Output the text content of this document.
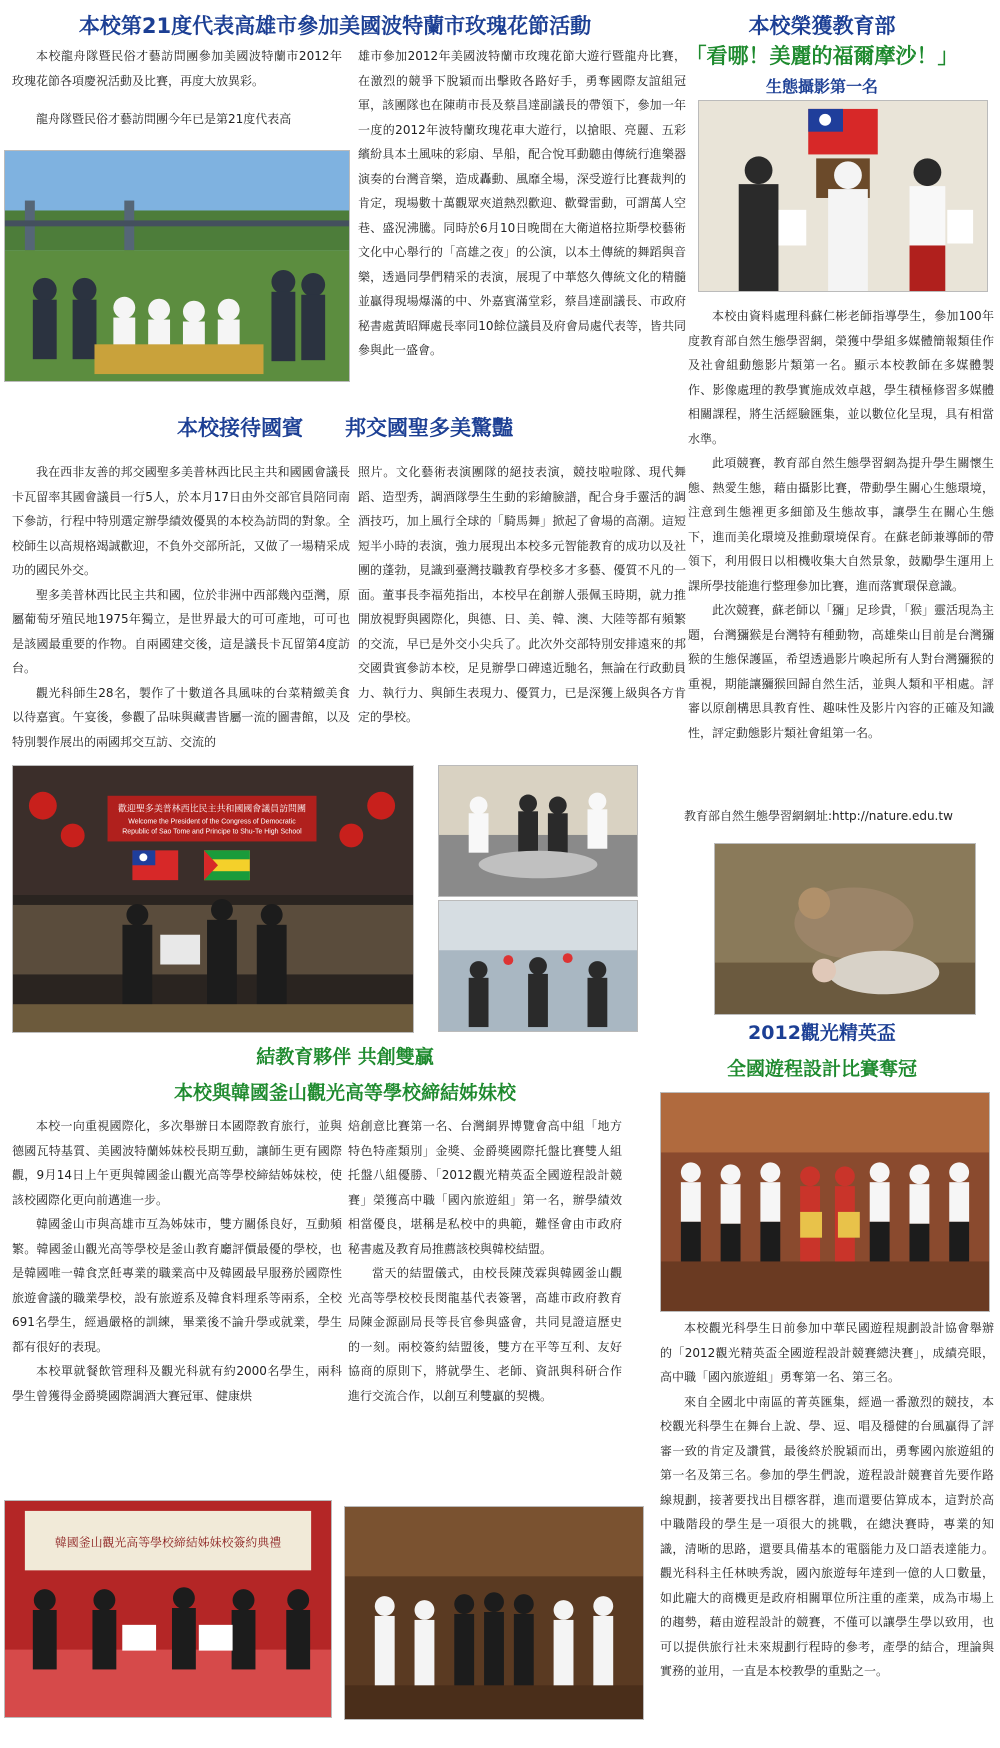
本校第21度代表高雄市參加美國波特蘭市玫瑰花節活動

本校龍舟隊暨民俗才藝訪問團參加美國波特蘭市2012年玫瑰花節各項慶祝活動及比賽，再度大放異彩。

龍舟隊暨民俗才藝訪問團今年已是第21度代表高

雄市參加2012年美國波特蘭市玫瑰花節大遊行暨龍舟比賽，在激烈的競爭下脫穎而出擊敗各路好手，勇奪國際友誼組冠軍，該團隊也在陳萌市長及蔡昌達副議長的帶領下，參加一年一度的2012年波特蘭玫瑰花車大遊行，以搶眼、亮麗、五彩繽紛具本土風味的彩扇、旱船，配合悅耳動聽由傳統行進樂器演奏的台灣音樂，造成轟動、風靡全場，深受遊行比賽裁判的肯定，現場數十萬觀眾夾道熱烈歡迎、歡聲雷動，可謂萬人空巷、盛況沸騰。同時於6月10日晚間在大衛道格拉斯學校藝術文化中心舉行的「高雄之夜」的公演，以本土傳統的舞蹈與音樂，透過同學們精采的表演，展現了中華悠久傳統文化的精髓並贏得現場爆滿的中、外嘉賓滿堂彩，蔡昌達副議長、市政府秘書處黃昭輝處長率同10餘位議員及府會局處代表等，皆共同參與此一盛會。

本校接待國賓　　邦交國聖多美驚豔

我在西非友善的邦交國聖多美普林西比民主共和國國會議長卡瓦留率其國會議員一行5人，於本月17日由外交部官員陪同南下參訪，行程中特別選定辦學績效優異的本校為訪問的對象。全校師生以高規格竭誠歡迎，不負外交部所託，又做了一場精采成功的國民外交。

聖多美普林西比民主共和國，位於非洲中西部幾內亞灣，原屬葡萄牙殖民地1975年獨立，是世界最大的可可產地，可可也是該國最重要的作物。自兩國建交後，這是議長卡瓦留第4度訪台。

觀光科師生28名，製作了十數道各具風味的台菜精緻美食以待嘉賓。午宴後，參觀了品味與藏書皆屬一流的圖書館，以及特別製作展出的兩國邦交互訪、交流的

照片。文化藝術表演團隊的絕技表演，競技啦啦隊、現代舞蹈、造型秀，調酒隊學生生動的彩繪臉譜，配合身手靈活的調酒技巧，加上風行全球的「騎馬舞」掀起了會場的高潮。這短短半小時的表演，強力展現出本校多元智能教育的成功以及社團的蓬勃，見識到臺灣技職教育學校多才多藝、優質不凡的一面。董事長李福苑指出，本校早在創辦人張佩玉時期，就力推開放視野與國際化，與德、日、美、韓、澳、大陸等都有頻繁的交流，早已是外交小尖兵了。此次外交部特別安排遠來的邦交國貴賓參訪本校，足見辦學口碑遠近馳名，無論在行政動員力、執行力、與師生表現力、優質力，已是深獲上級與各方肯定的學校。

歡迎聖多美普林西比民主共和國國會議員訪問團
Welcome the President of the Congress of Democratic
Republic of Sao Tome and Principe to Shu-Te High School
本校榮獲教育部
「看哪！美麗的福爾摩沙！」
生態攝影第一名

本校由資料處理科蘇仁彬老師指導學生，參加100年度教育部自然生態學習網，榮獲中學組多媒體簡報類佳作及社會組動態影片類第一名。顯示本校教師在多媒體製作、影像處理的教學實施成效卓越，學生積極修習多媒體相關課程，將生活經驗匯集，並以數位化呈現，具有相當水準。

此項競賽，教育部自然生態學習網為提升學生關懷生態、熱愛生態，藉由攝影比賽，帶動學生關心生態環境，注意到生態裡更多細節及生態故事，讓學生在關心生態下，進而美化環境及推動環境保育。在蘇老師兼導師的帶領下，利用假日以相機收集大自然景象，鼓勵學生運用上課所學技能進行整理參加比賽，進而落實環保意識。

此次競賽，蘇老師以「獼」足珍貴，「猴」靈活現為主題，台灣獼猴是台灣特有種動物，高雄柴山目前是台灣獼猴的生態保護區，希望透過影片喚起所有人對台灣獼猴的重視，期能讓獼猴回歸自然生活，並與人類和平相處。評審以原創構思具教育性、趣味性及影片內容的正確及知識性，評定動態影片類社會組第一名。

教育部自然生態學習網網址:http://nature.edu.tw
結教育夥伴 共創雙贏
本校與韓國釜山觀光高等學校締結姊妹校

本校一向重視國際化，多次舉辦日本國際教育旅行，並與德國瓦特基質、美國波特蘭姊妹校長期互動，讓師生更有國際觀，9月14日上午更與韓國釜山觀光高等學校締結姊妹校，使該校國際化更向前邁進一步。

韓國釜山市與高雄市互為姊妹市，雙方關係良好，互動頻繁。韓國釜山觀光高等學校是釜山教育廳評價最優的學校，也是韓國唯一韓食烹飪專業的職業高中及韓國最早服務於國際性旅遊會議的職業學校，設有旅遊系及韓食料理系等兩系，全校691名學生，經過嚴格的訓練，畢業後不論升學或就業，學生都有很好的表現。

本校單就餐飲管理科及觀光科就有約2000名學生，兩科學生曾獲得金爵獎國際調酒大賽冠軍、健康烘

焙創意比賽第一名、台灣網界博覽會高中組「地方特色特產類別」金獎、金爵獎國際托盤比賽雙人組托盤八組優勝、「2012觀光精英盃全國遊程設計競賽」榮獲高中職「國內旅遊組」第一名，辦學績效相當優良，堪稱是私校中的典範，難怪會由市政府秘書處及教育局推薦該校與韓校結盟。

當天的結盟儀式，由校長陳茂霖與韓國釜山觀光高等學校校長閔龍基代表簽署，高雄市政府教育局陳金源副局長等長官參與盛會，共同見證這歷史的一刻。兩校簽約結盟後，雙方在平等互利、友好協商的原則下，將就學生、老師、資訊與科研合作進行交流合作，以創互利雙贏的契機。

韓國釜山觀光高等學校締結姊妹校簽約典禮
2012觀光精英盃
全國遊程設計比賽奪冠

本校觀光科學生日前參加中華民國遊程規劃設計協會舉辦的「2012觀光精英盃全國遊程設計競賽總決賽」，成績亮眼，高中職「國內旅遊組」勇奪第一名、第三名。

來自全國北中南區的菁英匯集，經過一番激烈的競技，本校觀光科學生在舞台上說、學、逗、唱及穩健的台風贏得了評審一致的肯定及讚賞，最後終於脫穎而出，勇奪國內旅遊組的第一名及第三名。參加的學生們說，遊程設計競賽首先要作路線規劃，接著要找出目標客群，進而還要估算成本，這對於高中職階段的學生是一項很大的挑戰，在總決賽時，專業的知識，清晰的思路，還要具備基本的電腦能力及口語表達能力。觀光科科主任林映秀說，國內旅遊每年達到一億的人口數量，如此龐大的商機更是政府相關單位所注重的產業，成為市場上的趨勢，藉由遊程設計的競賽，不僅可以讓學生學以致用，也可以提供旅行社未來規劃行程時的參考，產學的結合，理論與實務的並用，一直是本校教學的重點之一。
